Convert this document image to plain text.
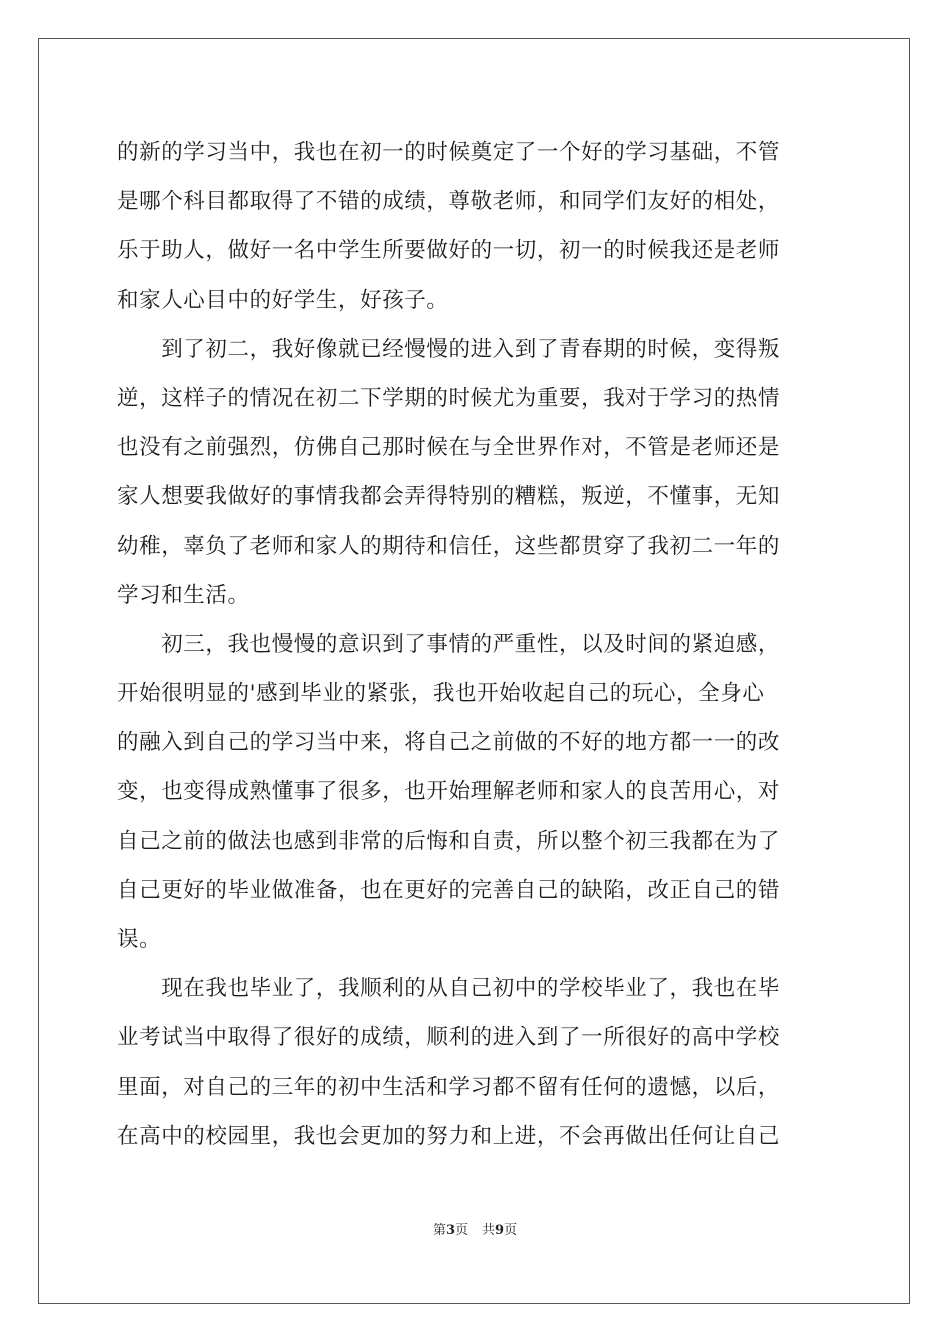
的新的学习当中，我也在初一的时候奠定了一个好的学习基础，不管
是哪个科目都取得了不错的成绩，尊敬老师，和同学们友好的相处，
乐于助人，做好一名中学生所要做好的一切，初一的时候我还是老师
和家人心目中的好学生，好孩子。
　　到了初二，我好像就已经慢慢的进入到了青春期的时候，变得叛
逆，这样子的情况在初二下学期的时候尤为重要，我对于学习的热情
也没有之前强烈，仿佛自己那时候在与全世界作对，不管是老师还是
家人想要我做好的事情我都会弄得特别的糟糕，叛逆，不懂事，无知
幼稚，辜负了老师和家人的期待和信任，这些都贯穿了我初二一年的
学习和生活。
　　初三，我也慢慢的意识到了事情的严重性，以及时间的紧迫感，
开始很明显的'感到毕业的紧张，我也开始收起自己的玩心，全身心
的融入到自己的学习当中来，将自己之前做的不好的地方都一一的改
变，也变得成熟懂事了很多，也开始理解老师和家人的良苦用心，对
自己之前的做法也感到非常的后悔和自责，所以整个初三我都在为了
自己更好的毕业做准备，也在更好的完善自己的缺陷，改正自己的错
误。
　　现在我也毕业了，我顺利的从自己初中的学校毕业了，我也在毕
业考试当中取得了很好的成绩，顺利的进入到了一所很好的高中学校
里面，对自己的三年的初中生活和学习都不留有任何的遗憾，以后，
在高中的校园里，我也会更加的努力和上进，不会再做出任何让自己
第3页 共9页
